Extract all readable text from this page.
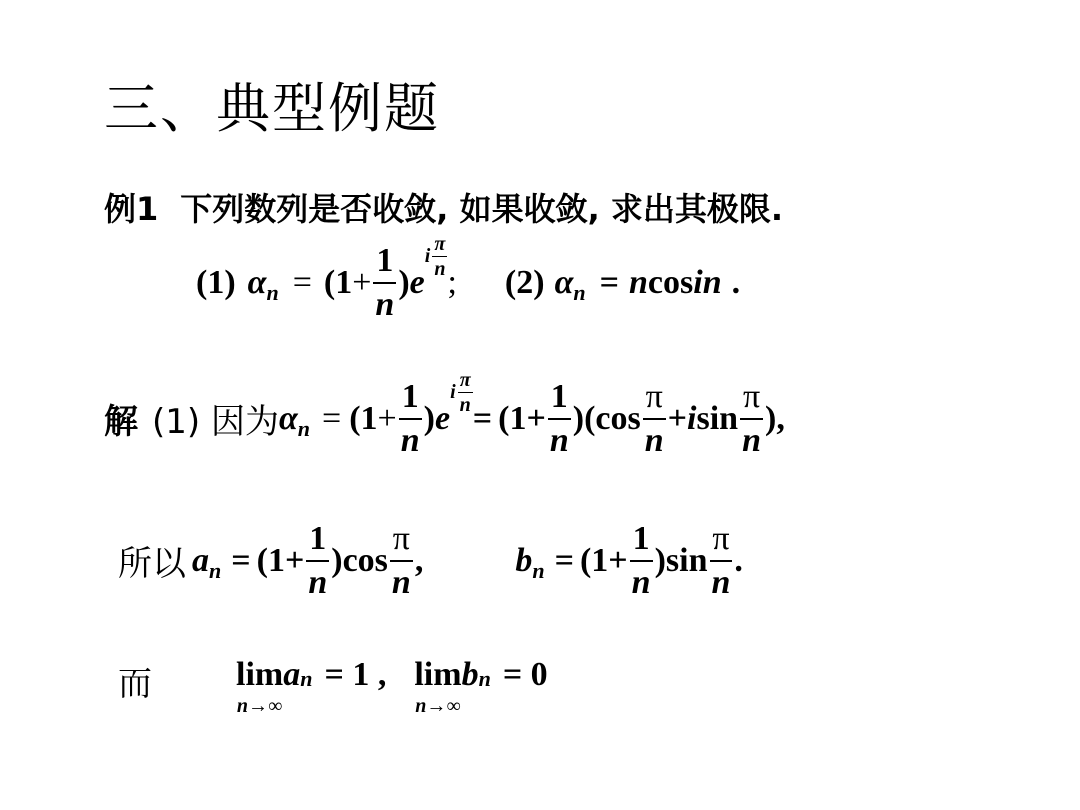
三、典型例题
例1 下列数列是否收敛, 如果收敛, 求出其极限.
(1) α $n = (1 + \frac{1}{n}$ ) e
i $\frac{\pi}{n}$
; (2) α n = n cos in .
解 (1) 因为 α $n = (1 + \frac{1}{n}$ ) e
i $\frac{\pi}{n}$
= $(1 + \frac{1}{n} )(\cos \frac{\pi}{n} + i$ $\sin \frac{\pi}{n}$ ),
所以 a $n = (1 + \frac{1}{n}$ ) $\cos \frac{\pi}{n}$ ,	b $n = (1 + \frac{1}{n}$ ) $\sin \frac{\pi}{n}$ .
而 lim
n→∞
a n = 1 , lim
n→∞
b n = 0
